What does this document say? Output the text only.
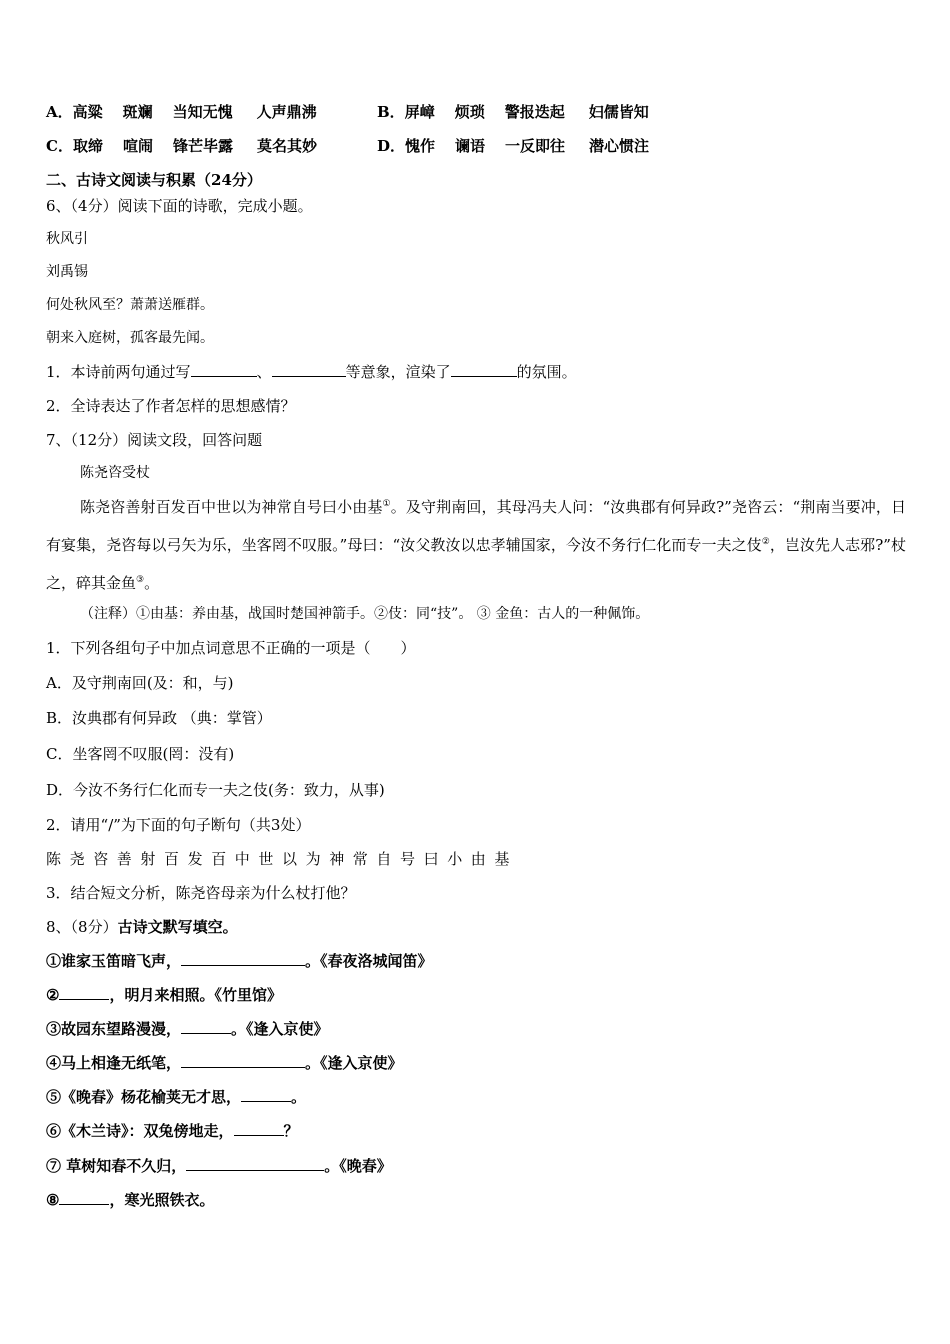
A．高粱 斑斓 当知无愧 人声鼎沸	B．屏嶂 烦琐 警报迭起 妇儒皆知
C．取缔 喧闹 锋芒毕露 莫名其妙	D．愧作 谰语 一反即往 潜心惯注
二、古诗文阅读与积累（24分）
6、（4分）阅读下面的诗歌，完成小题。
秋风引
刘禹锡
何处秋风至？萧萧送雁群。
朝来入庭树，孤客最先闻。
1．本诗前两句通过写	、	等意象，渲染了	的氛围。
2．全诗表达了作者怎样的思想感情？
7、（12分）阅读文段，回答问题
陈尧咨受杖
陈尧咨善射百发百中世以为神常自号曰小由基①。及守荆南回，其母冯夫人问：“汝典郡有何异政?”尧咨云：“荆南当要冲，日有宴集，尧咨每以弓矢为乐，坐客罔不叹服。”母曰：“汝父教汝以忠孝辅国家，今汝不务行仁化而专一夫之伎②，岂汝先人志邪?”杖之，碎其金鱼③。
（注释）①由基：养由基，战国时楚国神箭手。②伎：同“技”。 ③ 金鱼：古人的一种佩饰。
1．下列各组句子中加点词意思不正确的一项是（　　）
A．及守荆南回(及：和，与)
B．汝典郡有何异政 （典：掌管）
C．坐客罔不叹服(罔：没有)
D．今汝不务行仁化而专一夫之伎(务：致力，从事)
2．请用“/”为下面的句子断句（共3处）
陈尧咨善射百发百中世以为神常自号曰小由基
3．结合短文分析，陈尧咨母亲为什么杖打他？
8、（8分）古诗文默写填空。
①谁家玉笛暗飞声，	。《春夜洛城闻笛》
②	，明月来相照。《竹里馆》
③故园东望路漫漫，	。《逢入京使》
④马上相逢无纸笔，	。《逢入京使》
⑤《晚春》杨花榆荚无才思，	。
⑥《木兰诗》：双兔傍地走，	？
⑦ 草树知春不久归，	。《晚春》
⑧	，寒光照铁衣。
